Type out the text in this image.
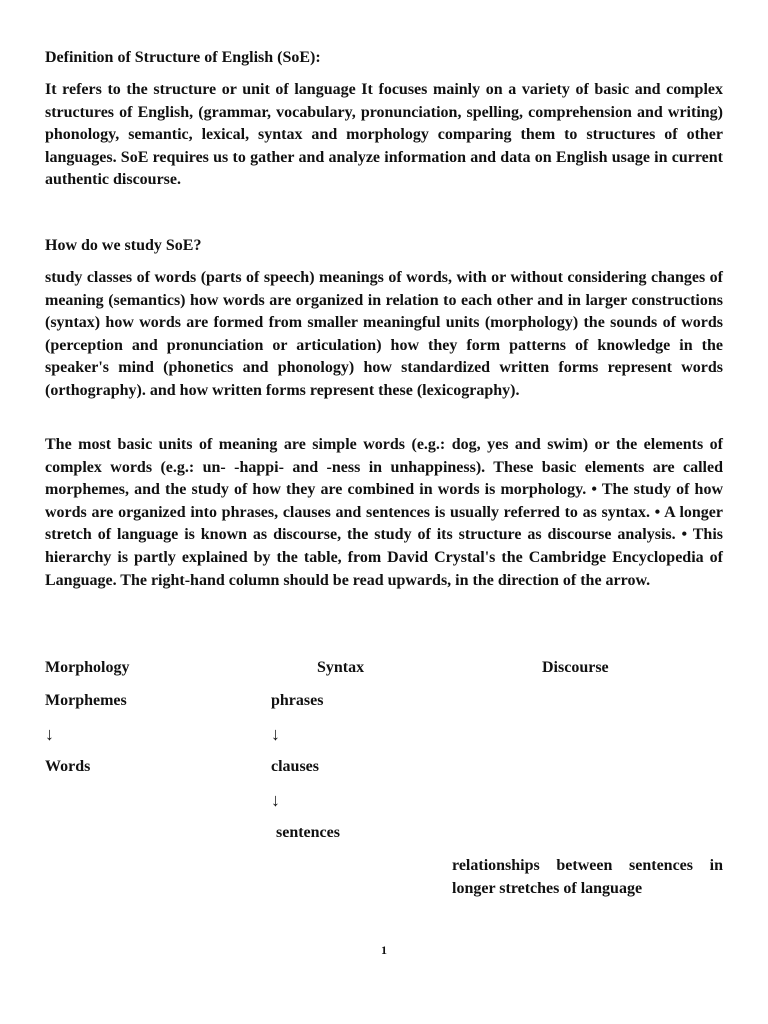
Definition of Structure of English (SoE):

It refers to the structure or unit of language It focuses mainly on a variety of basic and complex structures of English, (grammar, vocabulary, pronunciation, spelling, comprehension and writing) phonology, semantic, lexical, syntax and morphology comparing them to structures of other languages. SoE requires us to gather and analyze information and data on English usage in current authentic discourse.

How do we study SoE?

study classes of words (parts of speech) meanings of words, with or without considering changes of meaning (semantics) how words are organized in relation to each other and in larger constructions (syntax) how words are formed from smaller meaningful units (morphology) the sounds of words (perception and pronunciation or articulation) how they form patterns of knowledge in the speaker's mind (phonetics and phonology) how standardized written forms represent words (orthography). and how written forms represent these (lexicography).

The most basic units of meaning are simple words (e.g.: dog, yes and swim) or the elements of complex words (e.g.: un- -happi- and -ness in unhappiness). These basic elements are called morphemes, and the study of how they are combined in words is morphology. • The study of how words are organized into phrases, clauses and sentences is usually referred to as syntax. • A longer stretch of language is known as discourse, the study of its structure as discourse analysis. • This hierarchy is partly explained by the table, from David Crystal's the Cambridge Encyclopedia of Language. The right-hand column should be read upwards, in the direction of the arrow.

Morphology	Syntax	Discourse

Morphemes

↓

Words

phrases

↓

clauses

↓

sentences

relationships between sentences in longer stretches of language

1
